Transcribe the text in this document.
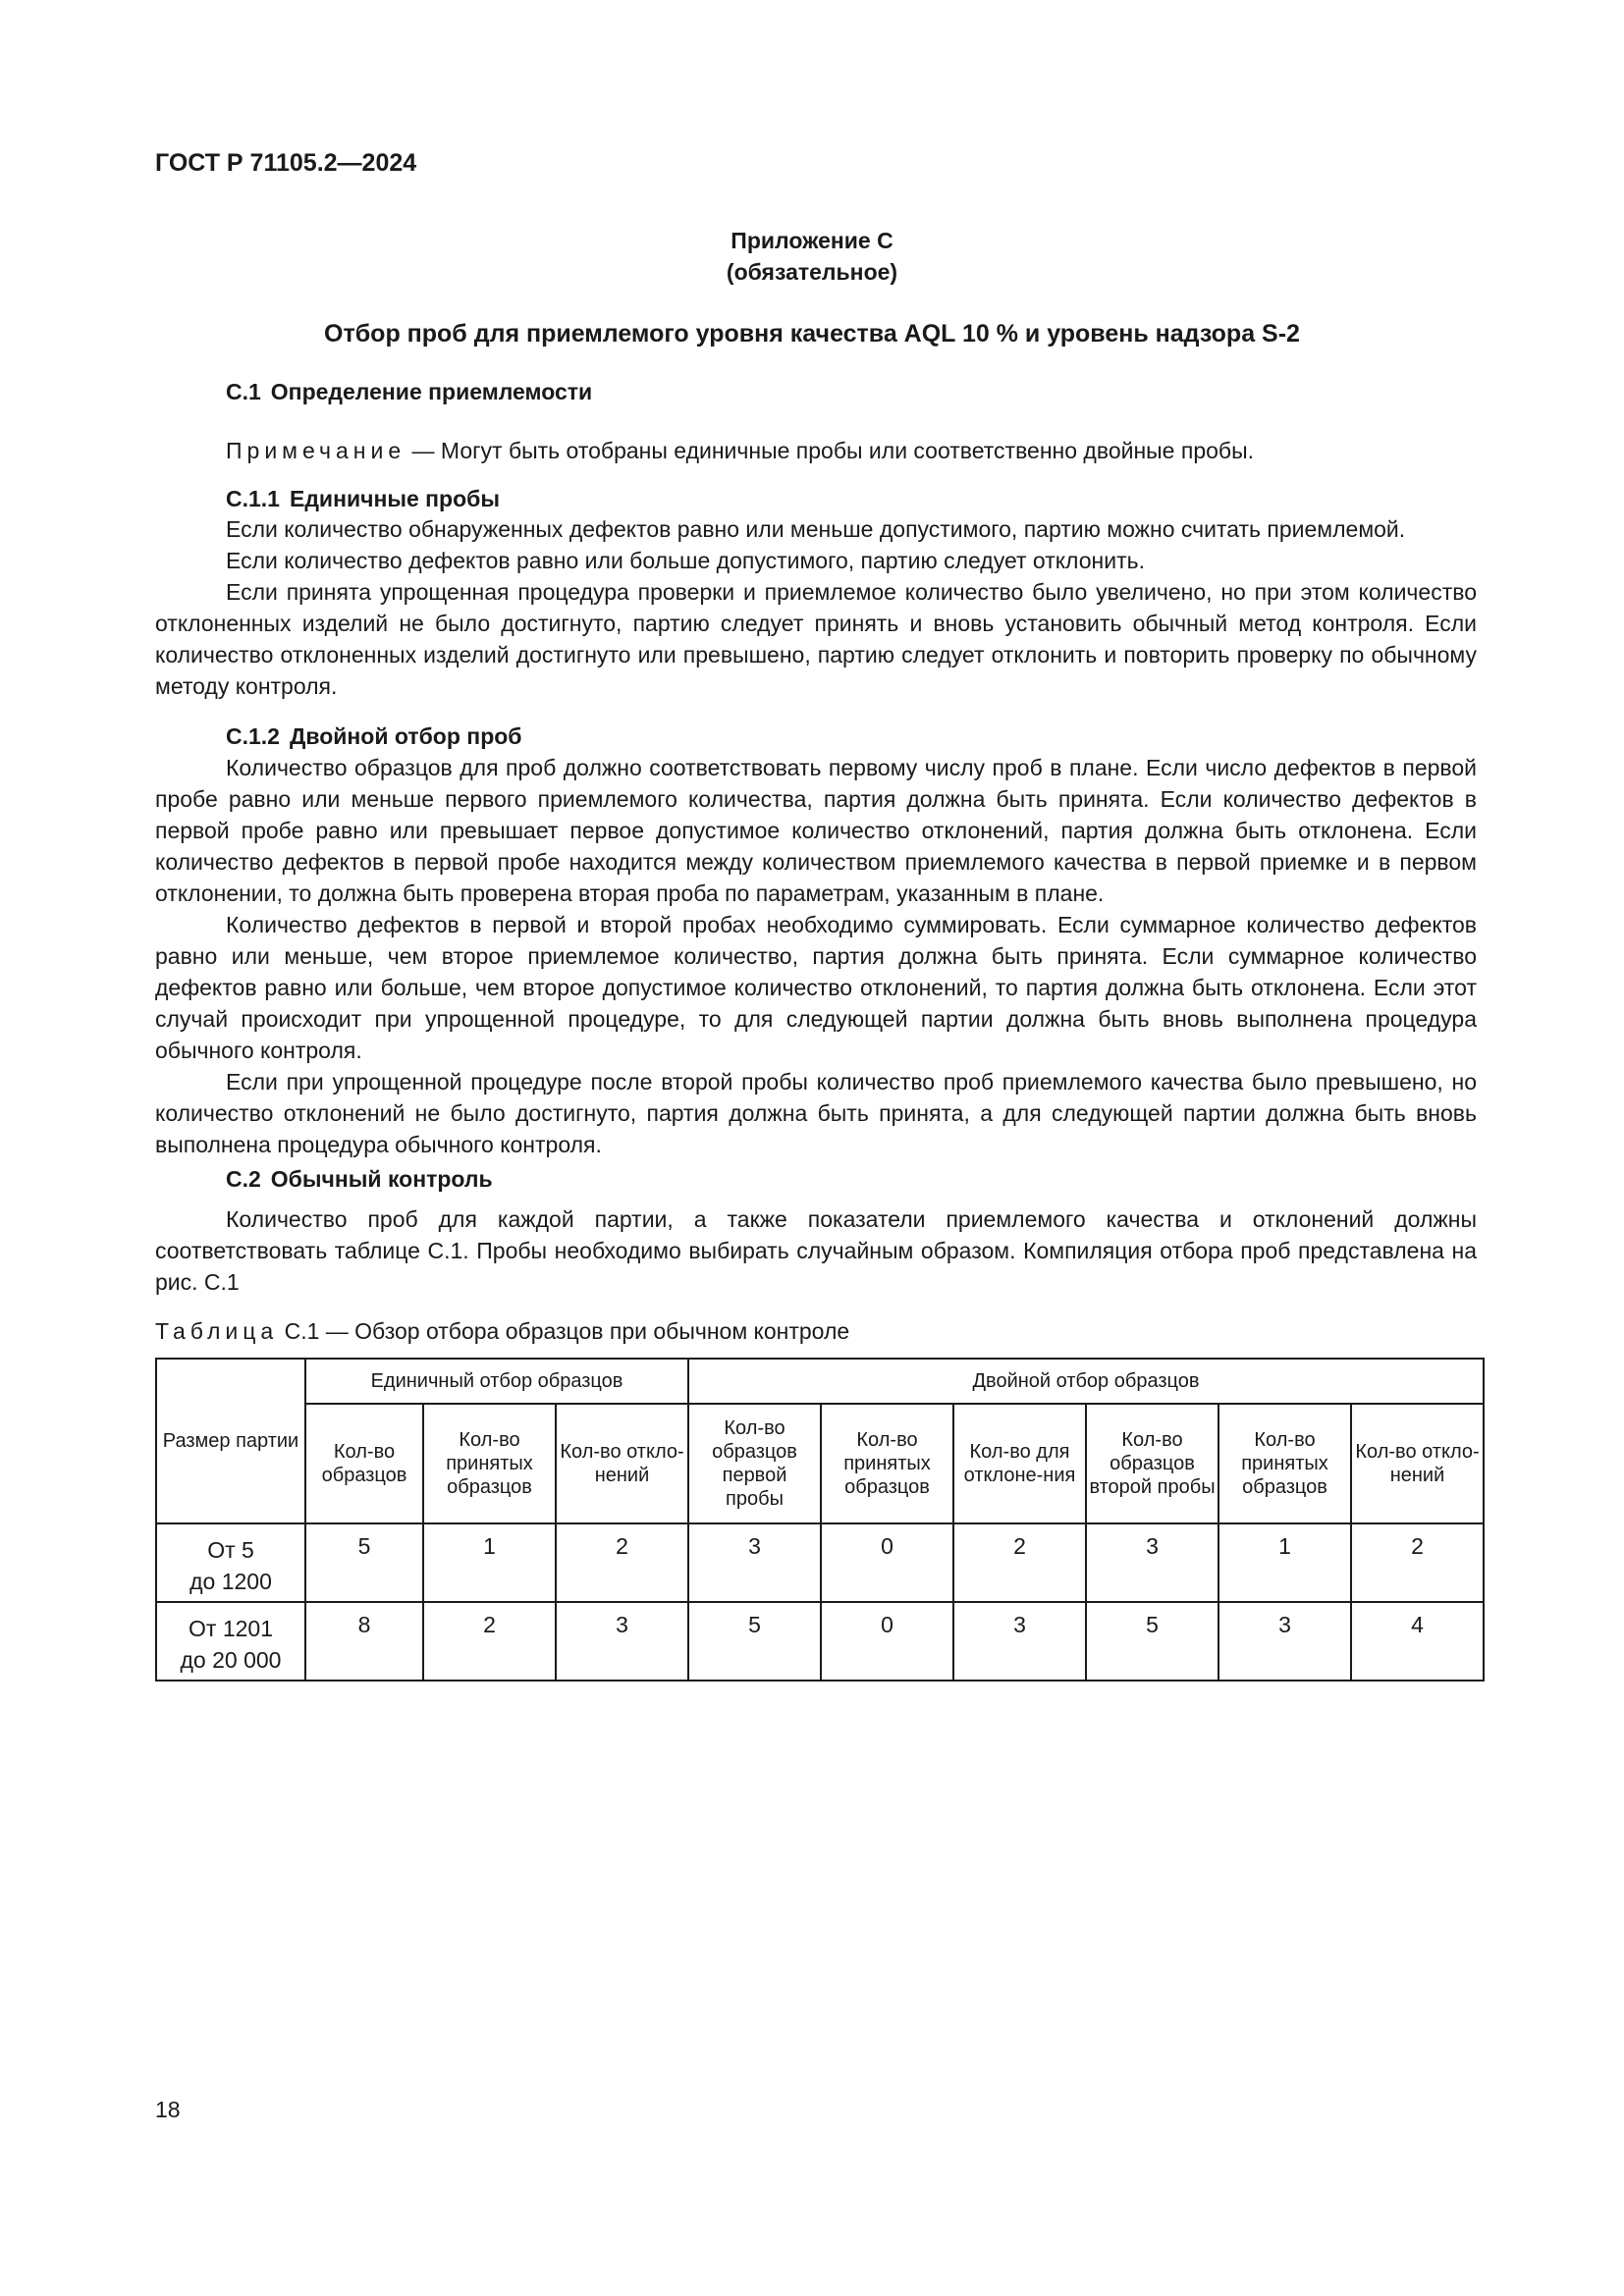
ГОСТ Р 71105.2—2024
Приложение С
(обязательное)
Отбор проб для приемлемого уровня качества AQL 10 % и уровень надзора S-2
С.1 Определение приемлемости
Примечание — Могут быть отобраны единичные пробы или соответственно двойные пробы.
С.1.1 Единичные пробы

Если количество обнаруженных дефектов равно или меньше допустимого, партию можно считать приемлемой.

Если количество дефектов равно или больше допустимого, партию следует отклонить.

Если принята упрощенная процедура проверки и приемлемое количество было увеличено, но при этом количество отклоненных изделий не было достигнуто, партию следует принять и вновь установить обычный метод контроля. Если количество отклоненных изделий достигнуто или превышено, партию следует отклонить и повторить проверку по обычному методу контроля.

С.1.2 Двойной отбор проб

Количество образцов для проб должно соответствовать первому числу проб в плане. Если число дефектов в первой пробе равно или меньше первого приемлемого количества, партия должна быть принята. Если количество дефектов в первой пробе равно или превышает первое допустимое количество отклонений, партия должна быть отклонена. Если количество дефектов в первой пробе находится между количеством приемлемого качества в первой приемке и в первом отклонении, то должна быть проверена вторая проба по параметрам, указанным в плане.

Количество дефектов в первой и второй пробах необходимо суммировать. Если суммарное количество дефектов равно или меньше, чем второе приемлемое количество, партия должна быть принята. Если суммарное количество дефектов равно или больше, чем второе допустимое количество отклонений, то партия должна быть отклонена. Если этот случай происходит при упрощенной процедуре, то для следующей партии должна быть вновь выполнена процедура обычного контроля.

Если при упрощенной процедуре после второй пробы количество проб приемлемого качества было превышено, но количество отклонений не было достигнуто, партия должна быть принята, а для следующей партии должна быть вновь выполнена процедура обычного контроля.

С.2 Обычный контроль

Количество проб для каждой партии, а также показатели приемлемого качества и отклонений должны соответствовать таблице С.1. Пробы необходимо выбирать случайным образом. Компиляция отбора проб представлена на рис. С.1

Таблица С.1 — Обзор отбора образцов при обычном контроле
Размер партии	Единичный отбор образцов			Двойной отбор образцов					
	Кол-во образцов	Кол-во принятых образцов	Кол-во откло-нений	Кол-во образцов первой пробы	Кол-во принятых образцов	Кол-во для отклоне-ния	Кол-во образцов второй пробы	Кол-во принятых образцов	Кол-во откло-нений
От 5
до 1200	5	1	2	3	0	2	3	1	2
От 1201
до 20 000	8	2	3	5	0	3	5	3	4
18
